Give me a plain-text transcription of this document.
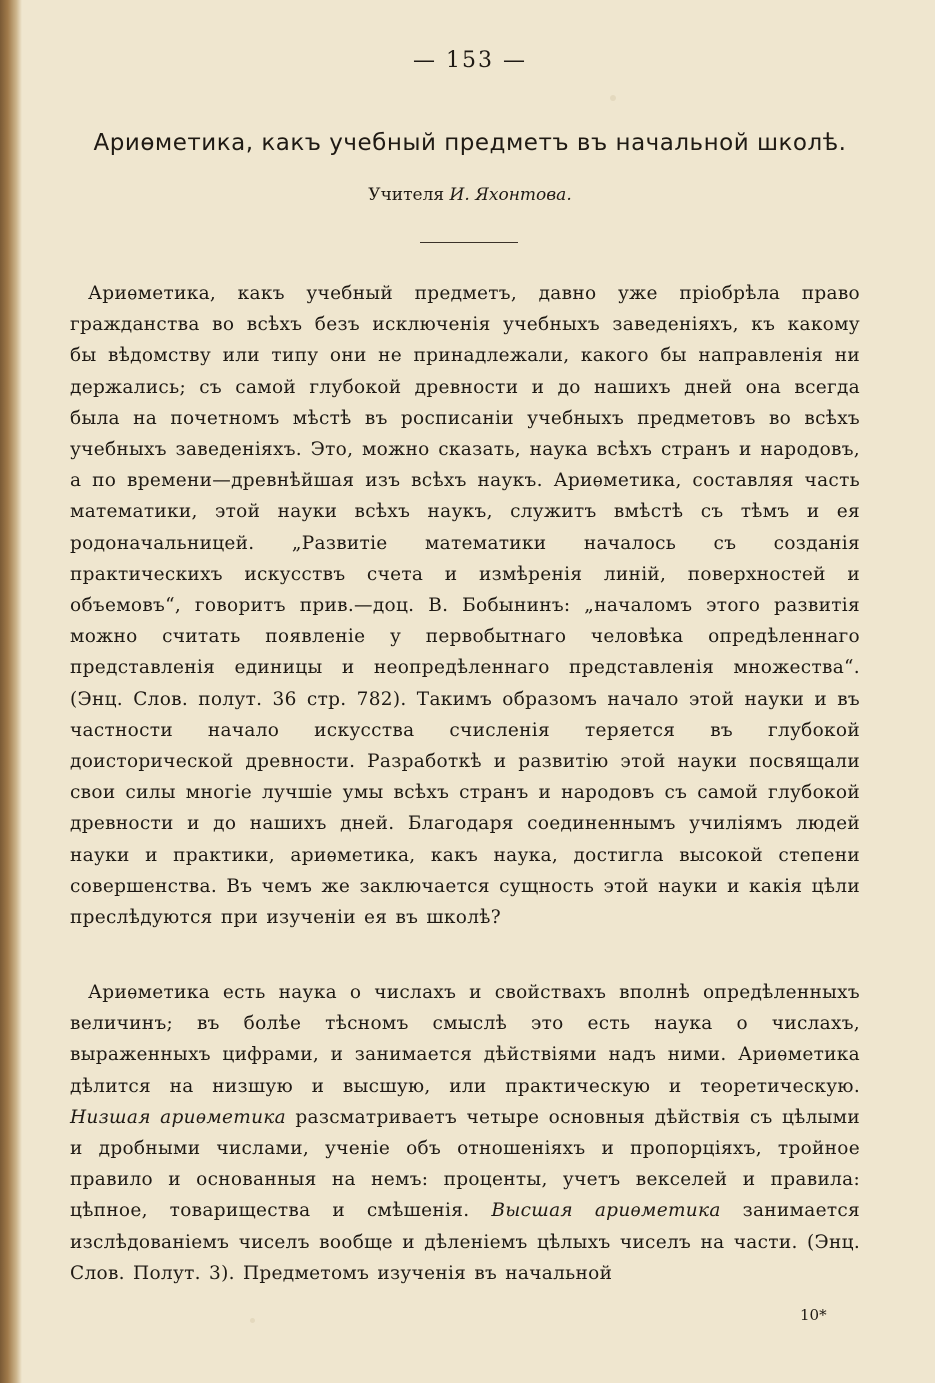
— 153 —
Ариѳметика, какъ учебный предметъ въ начальной школѣ.
Учителя И. Яхонтова.
Ариѳметика, какъ учебный предметъ, давно уже пріобрѣла право гражданства во всѣхъ безъ исключенія учебныхъ заведеніяхъ, къ какому бы вѣдомству или типу они не принадлежали, какого бы направленія ни держались; съ самой глубокой древности и до нашихъ дней она всегда была на почетномъ мѣстѣ въ росписаніи учебныхъ предметовъ во всѣхъ учебныхъ заведеніяхъ. Это, можно сказать, наука всѣхъ странъ и народовъ, а по времени—древнѣйшая изъ всѣхъ наукъ. Ариѳметика, составляя часть математики, этой науки всѣхъ наукъ, служитъ вмѣстѣ съ тѣмъ и ея родоначальницей. „Развитіе математики началось съ созданія практическихъ искусствъ счета и измѣренія линій, поверхностей и объемовъ“, говоритъ прив.—доц. В. Бобынинъ: „началомъ этого развитія можно считать появленіе у первобытнаго человѣка опредѣленнаго представленія единицы и неопредѣленнаго представленія множества“. (Энц. Слов. полут. 36 стр. 782). Такимъ образомъ начало этой науки и въ частности начало искусства счисленія теряется въ глубокой доисторической древности. Разработкѣ и развитію этой науки посвящали свои силы многіе лучшіе умы всѣхъ странъ и народовъ съ самой глубокой древности и до нашихъ дней. Благодаря соединеннымъ училіямъ людей науки и практики, ариѳметика, какъ наука, достигла высокой степени совершенства. Въ чемъ же заключается сущность этой науки и какія цѣли преслѣдуются при изученіи ея въ школѣ?
Ариѳметика есть наука о числахъ и свойствахъ вполнѣ опредѣленныхъ величинъ; въ болѣе тѣсномъ смыслѣ это есть наука о числахъ, выраженныхъ цифрами, и занимается дѣйствіями надъ ними. Ариѳметика дѣлится на низшую и высшую, или практическую и теоретическую. Низшая ариѳметика разсматриваетъ четыре основныя дѣйствія съ цѣлыми и дробными числами, ученіе объ отношеніяхъ и пропорціяхъ, тройное правило и основанныя на немъ: проценты, учетъ векселей и правила: цѣпное, товарищества и смѣшенія. Высшая ариѳметика занимается изслѣдованіемъ чиселъ вообще и дѣленіемъ цѣлыхъ чиселъ на части. (Энц. Слов. Полут. 3). Предметомъ изученія въ начальной
10*
